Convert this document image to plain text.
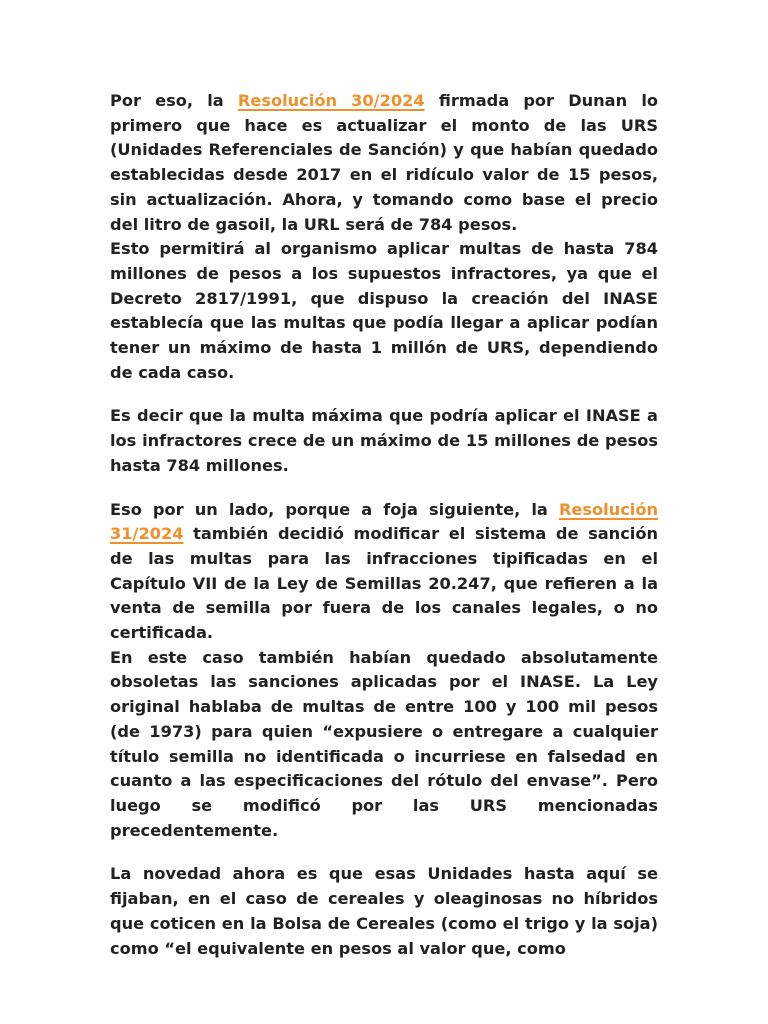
Por eso, la Resolución 30/2024 firmada por Dunan lo primero que hace es actualizar el monto de las URS (Unidades Referenciales de Sanción) y que habían quedado establecidas desde 2017 en el ridículo valor de 15 pesos, sin actualización. Ahora, y tomando como base el precio del litro de gasoil, la URL será de 784 pesos.

Esto permitirá al organismo aplicar multas de hasta 784 millones de pesos a los supuestos infractores, ya que el Decreto 2817/1991, que dispuso la creación del INASE establecía que las multas que podía llegar a aplicar podían tener un máximo de hasta 1 millón de URS, dependiendo de cada caso.

Es decir que la multa máxima que podría aplicar el INASE a los infractores crece de un máximo de 15 millones de pesos hasta 784 millones.

Eso por un lado, porque a foja siguiente, la Resolución 31/2024 también decidió modificar el sistema de sanción de las multas para las infracciones tipificadas en el Capítulo VII de la Ley de Semillas 20.247, que refieren a la venta de semilla por fuera de los canales legales, o no certificada.

En este caso también habían quedado absolutamente obsoletas las sanciones aplicadas por el INASE. La Ley original hablaba de multas de entre 100 y 100 mil pesos (de 1973) para quien “expusiere o entregare a cualquier título semilla no identificada o incurriese en falsedad en cuanto a las especificaciones del rótulo del envase”. Pero luego se modificó por las URS mencionadas precedentemente.

La novedad ahora es que esas Unidades hasta aquí se fijaban, en el caso de cereales y oleaginosas no híbridos que coticen en la Bolsa de Cereales (como el trigo y la soja) como “el equivalente en pesos al valor que, como
